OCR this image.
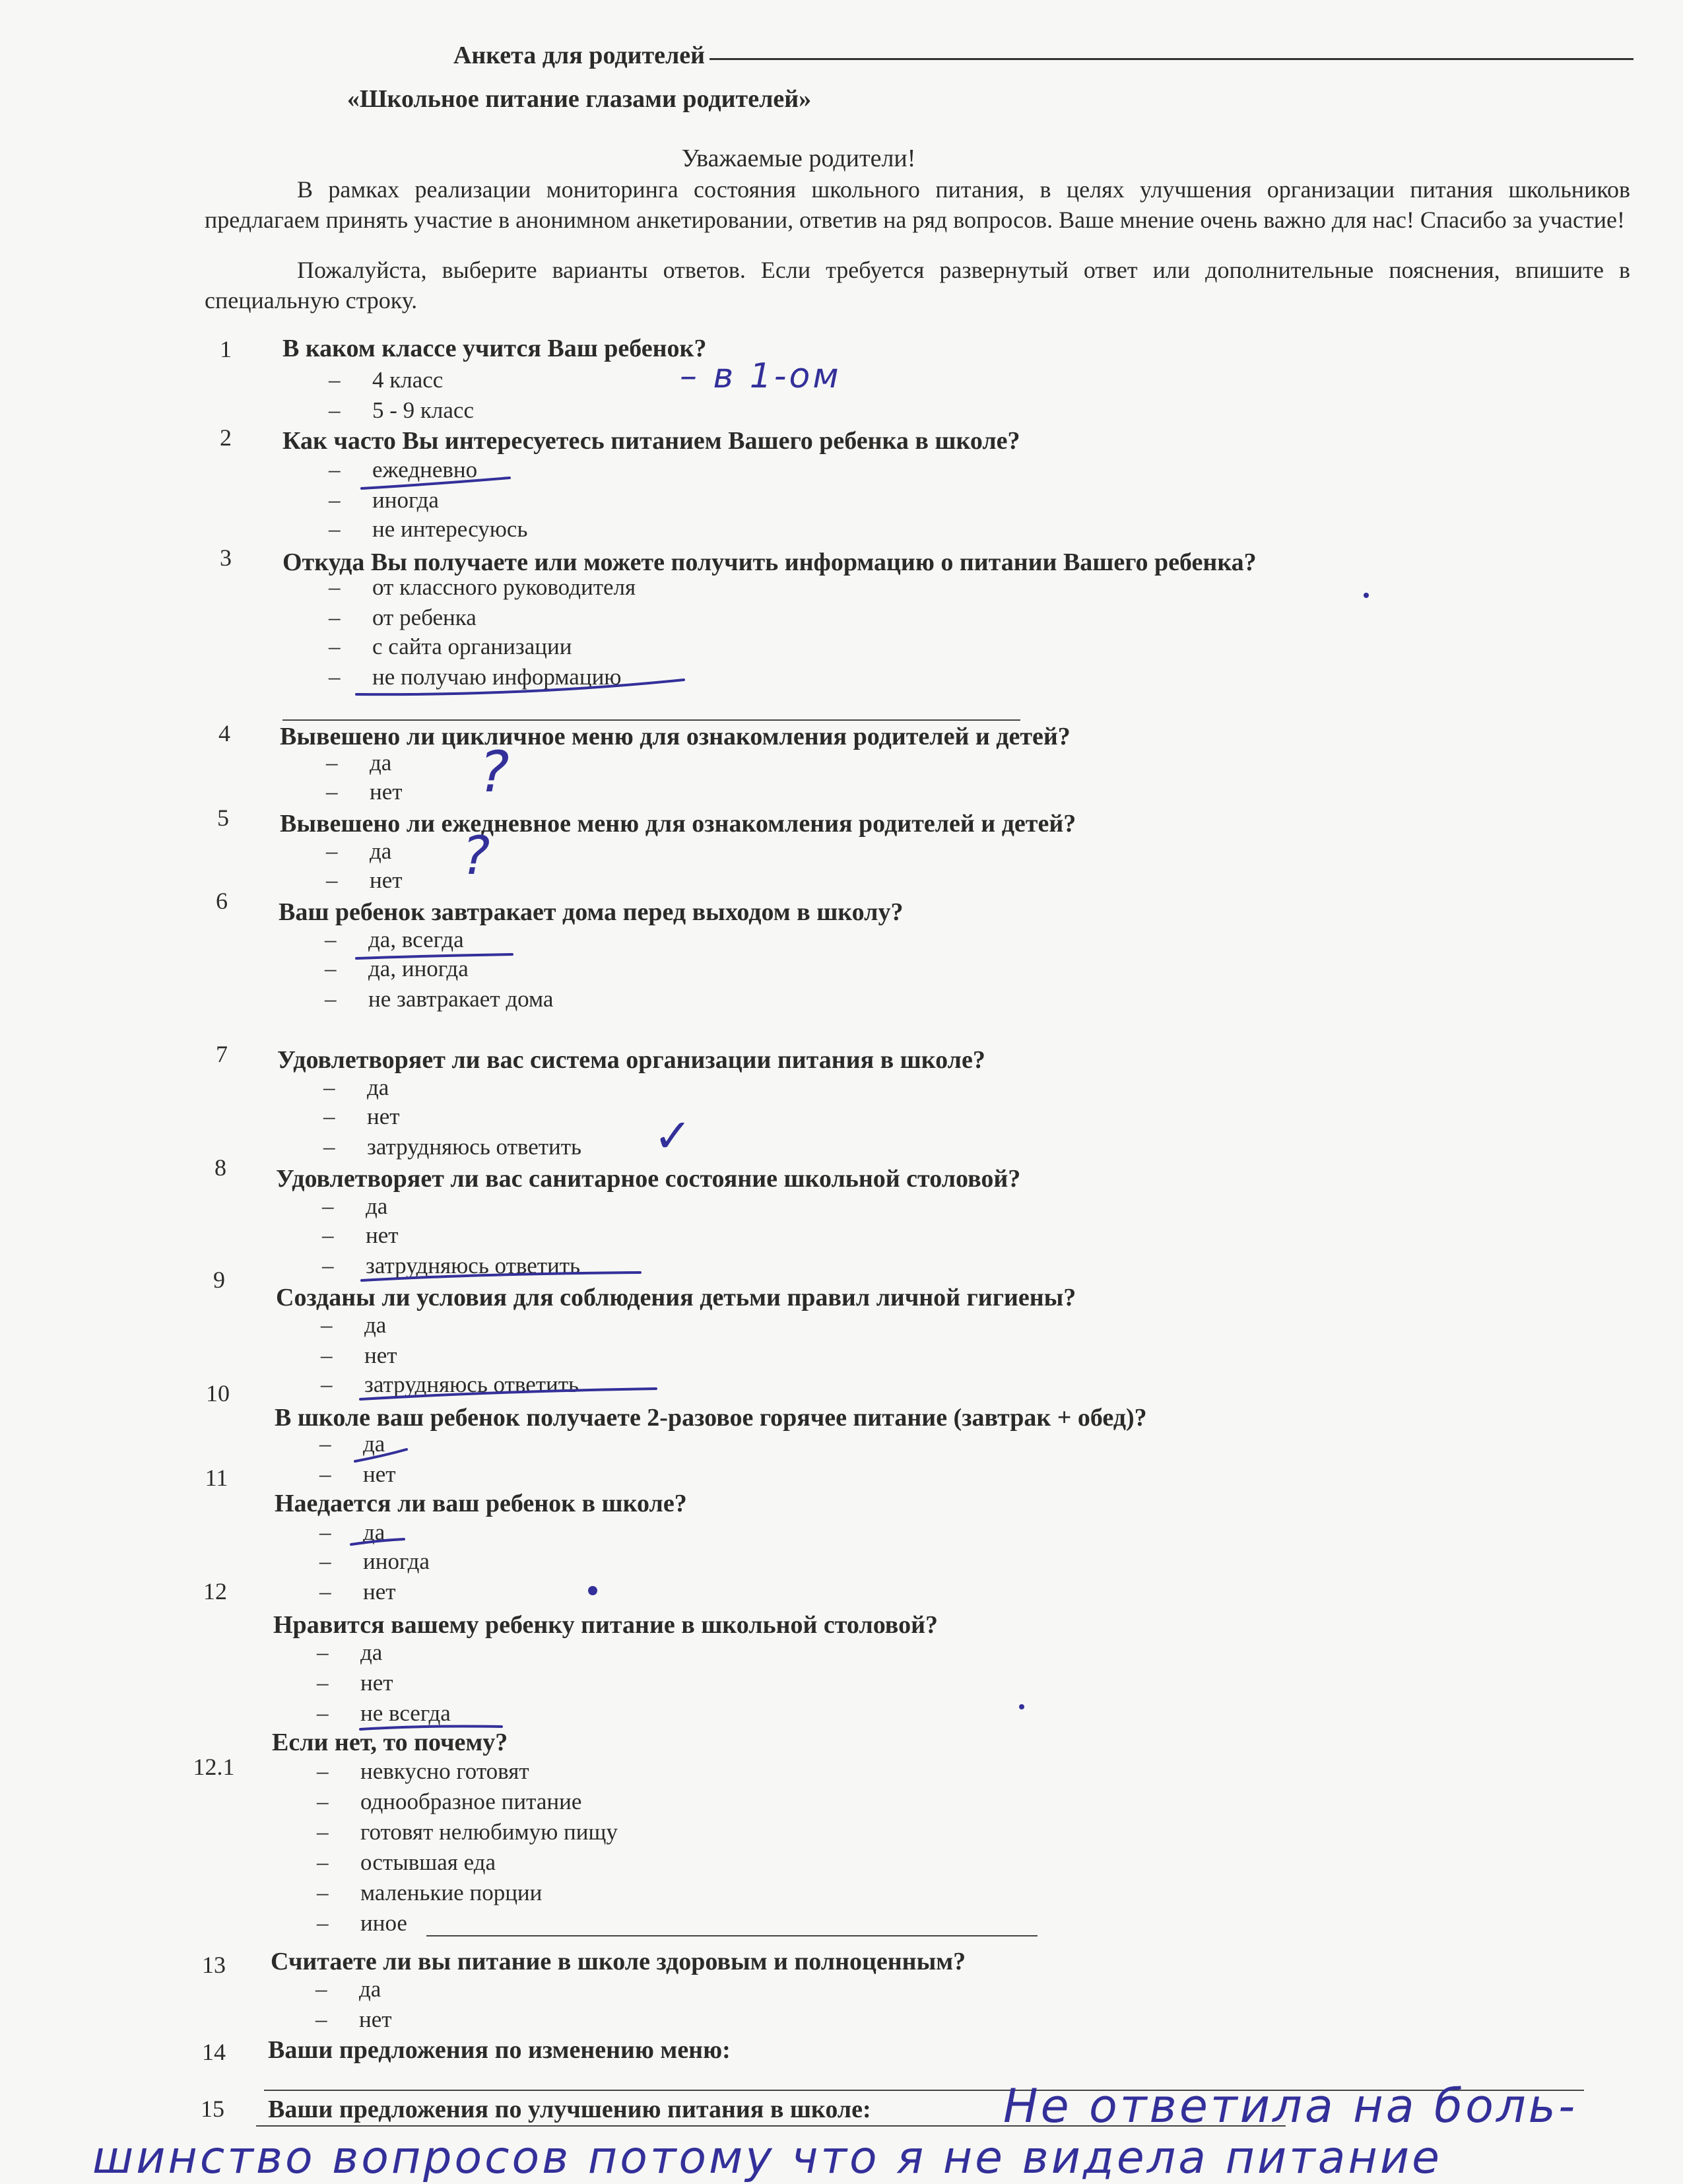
Анкета для родителей
«Школьное питание глазами родителей»
Уважаемые родители!

В рамках реализации мониторинга состояния школьного питания, в целях улучшения организации питания школьников предлагаем принять участие в анонимном анкетировании, ответив на ряд вопросов. Ваше мнение очень важно для нас! Спасибо за участие!

Пожалуйста, выберите варианты ответов. Если требуется развернутый ответ или дополнительные пояснения, впишите в специальную строку.

1	В каком классе учится Ваш ребенок?
– 4 класс
– 5 - 9 класс
2	Как часто Вы интересуетесь питанием Вашего ребенка в школе?
– ежедневно
– иногда
– не интересуюсь
3	Откуда Вы получаете или можете получить информацию о питании Вашего ребенка?
– от классного руководителя
– от ребенка
– с сайта организации
– не получаю информацию
4	Вывешено ли цикличное меню для ознакомления родителей и детей?
– да
– нет
5	Вывешено ли ежедневное меню для ознакомления родителей и детей?
– да
– нет
6	Ваш ребенок завтракает дома перед выходом в школу?
– да, всегда
– да, иногда
– не завтракает дома
7	Удовлетворяет ли вас система организации питания в школе?
– да
– нет
– затрудняюсь ответить
8	Удовлетворяет ли вас санитарное состояние школьной столовой?
– да
– нет
– затрудняюсь ответить
9
Созданы ли условия для соблюдения детьми правил личной гигиены?
– да
– нет
– затрудняюсь ответить
10
В школе ваш ребенок получаете 2-разовое горячее питание (завтрак + обед)?
– да
– нет
11
Наедается ли ваш ребенок в школе?
– да
– иногда
– нет
12
Нравится вашему ребенку питание в школьной столовой?
– да
– нет
– не всегда
12.1
Если нет, то почему?
– невкусно готовят
– однообразное питание
– готовят нелюбимую пищу
– остывшая еда
– маленькие порции
– иное
13	Считаете ли вы питание в школе здоровым и полноценным?
– да
– нет
14	Ваши предложения по изменению меню:
15	Ваши предложения по улучшению питания в школе:
– в 1-ом
?
?
✓
Не ответила на боль-
шинство вопросов потому что я не видела питание
